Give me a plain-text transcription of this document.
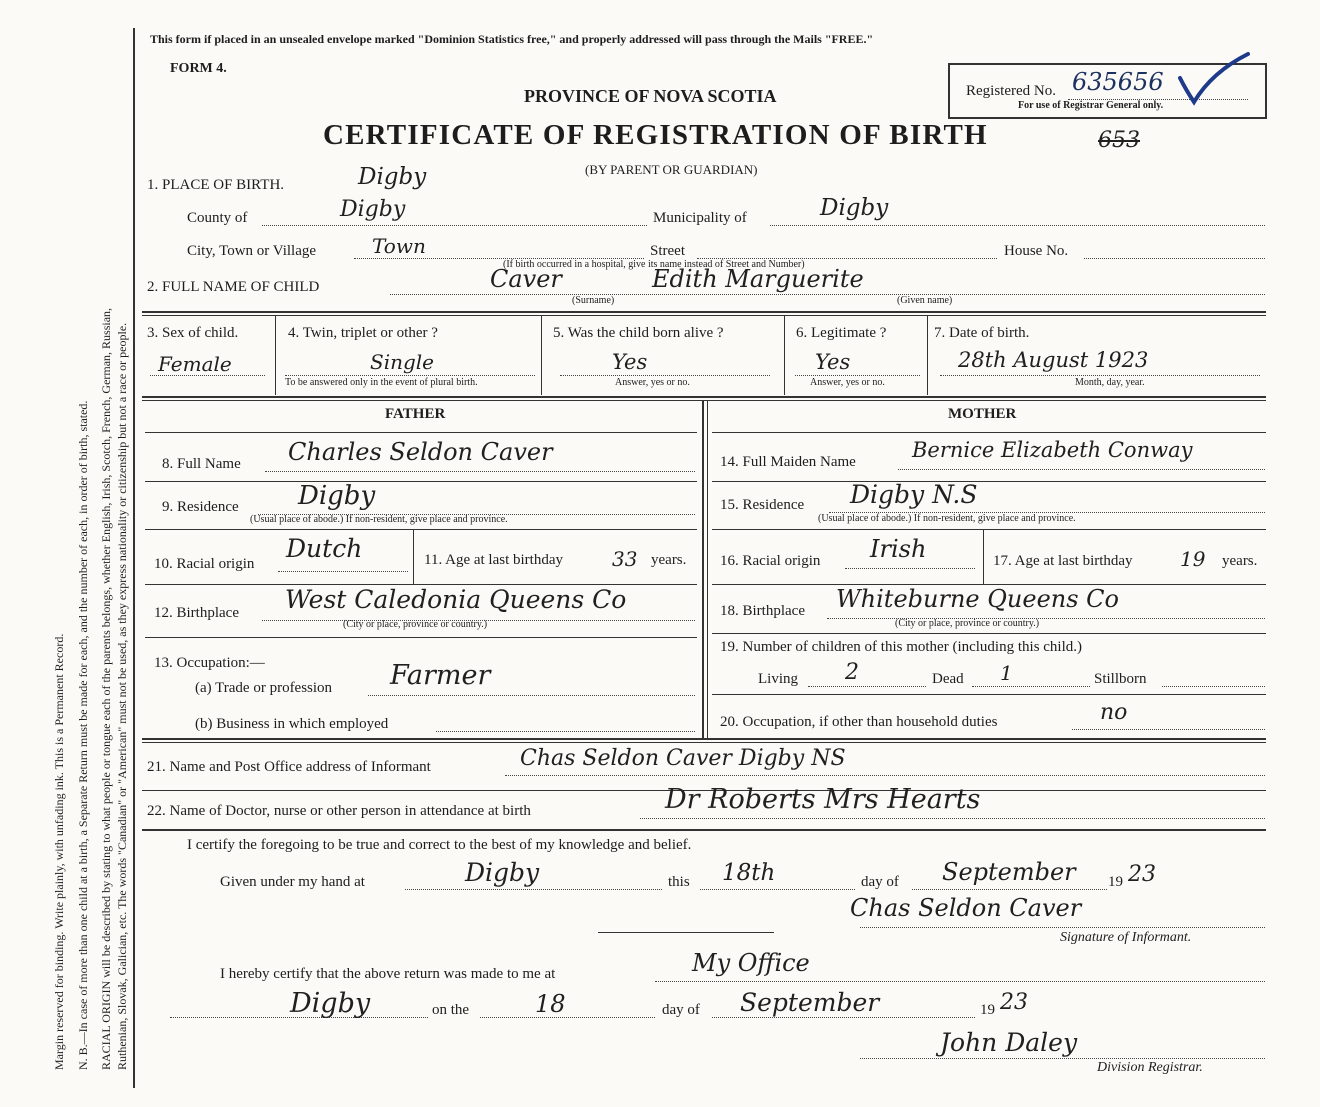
Margin reserved for binding. Write plainly, with unfading ink. This is a Permanent Record. N. B.—In case of more than one child at a birth, a Separate Return must be made for each, and the number of each, in order of birth, stated. RACIAL ORIGIN will be described by stating to what people or tongue each of the parents belongs, whether English, Irish, Scotch, French, German, Russian, Ruthenian, Slovak, Galician, etc. The words "Canadian" or "American" must not be used, as they express nationality or citizenship but not a race or people.
This form if placed in an unsealed envelope marked "Dominion Statistics free," and properly addressed will pass through the Mails "FREE."
FORM 4.
PROVINCE OF NOVA SCOTIA
CERTIFICATE OF REGISTRATION OF BIRTH	653
(BY PARENT OR GUARDIAN)
Registered No. 635656
For use of Registrar General only.
1. PLACE OF BIRTH.	Digby
County of	Digby	Municipality of	Digby
City, Town or Village	Town	Street	House No.
(If birth occurred in a hospital, give its name instead of Street and Number)
2. FULL NAME OF CHILD	Caver	Edith Marguerite
(Surname)	(Given name)
3. Sex of child.
Female
4. Twin, triplet or other ?
Single
To be answered only in the event of plural birth.
5. Was the child born alive ?
Yes
Answer, yes or no.
6. Legitimate ?
Yes
Answer, yes or no.
7. Date of birth.
28th August 1923
Month, day, year.
FATHER	MOTHER
8. Full Name Charles Seldon Caver
9. Residence Digby
(Usual place of abode.) If non-resident, give place and province.
10. Racial origin
Dutch	11. Age at last birthday 33 years.
12. Birthplace West Caledonia Queens Co
(City or place, province or country.)
13. Occupation:—
(a) Trade or profession Farmer
(b) Business in which employed
14. Full Maiden Name	Bernice Elizabeth Conway
15. Residence Digby N.S
(Usual place of abode.) If non-resident, give place and province.
16. Racial origin Irish	17. Age at last birthday 19 years.
18. Birthplace Whiteburne Queens Co
(City or place, province or country.)
19. Number of children of this mother (including this child.)
Living 2	Dead 1	Stillborn
20. Occupation, if other than household duties	no
21. Name and Post Office address of Informant	Chas Seldon Caver Digby NS
22. Name of Doctor, nurse or other person in attendance at birth	Dr Roberts Mrs Hearts
I certify the foregoing to be true and correct to the best of my knowledge and belief.
Given under my hand at	Digby	this 18th	day of September 19 23
Chas Seldon Caver
Signature of Informant.
I hereby certify that the above return was made to me at	My Office
Digby	on the	18	day of September	19 23
John Daley
Division Registrar.
